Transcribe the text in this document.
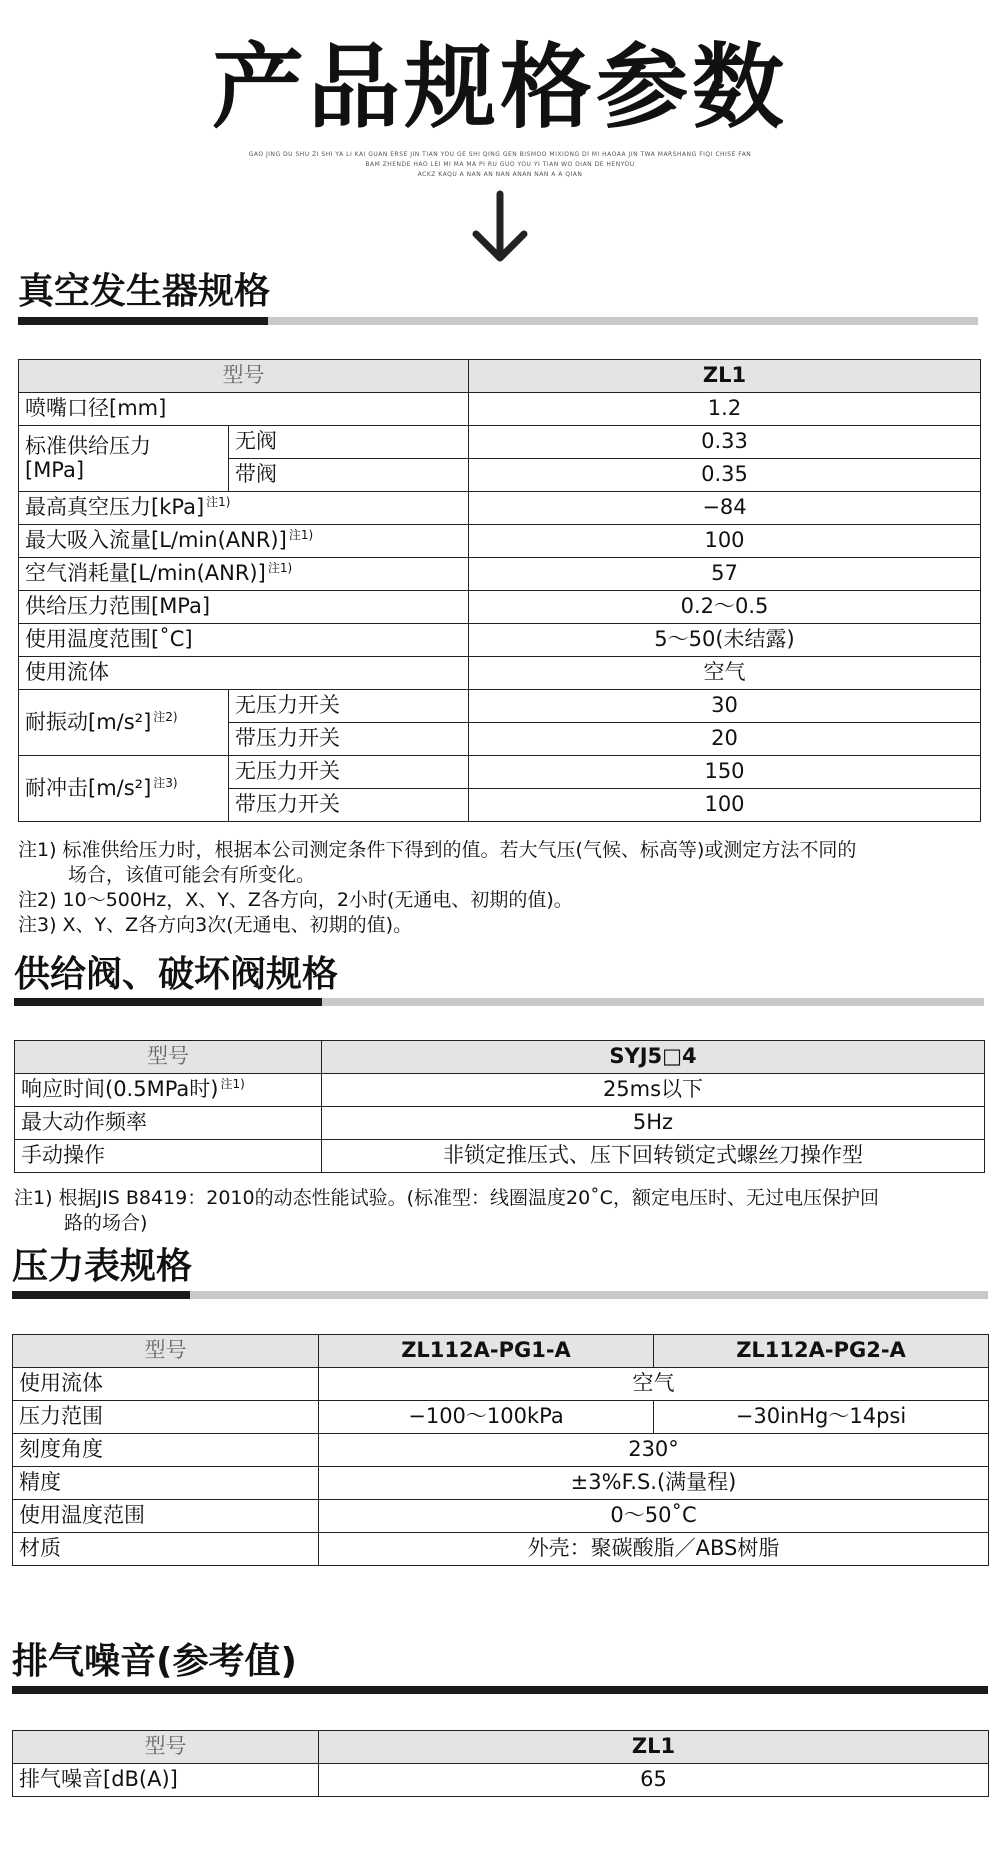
产品规格参数
GAO JING DU SHU ZI SHI YA LI KAI GUAN ERSE JIN TIAN YOU GE SHI QING GEN BISMOO MIXIONG DI MI HAOAA JIN TWA MARSHANG FIQI CHISE FAN
BAM ZHENDE HAO LEI MI MA MA PI RU GUO YOU YI TIAN WO DIAN DE HENYOU
ACKZ KAQU A NAN AN NAN ANAN NAN A A QIAN
真空发生器规格
型号		ZL1
喷嘴口径[mm]		1.2

标准供给压力
[MPa]	无阀	0.33
	带阀	0.35
最高真空压力[kPa] $^{注1)}$		−84
最大吸入流量[L/min(ANR)] $^{注1)}$		100
空气消耗量[L/min(ANR)] $^{注1)}$		57
供给压力范围[MPa]		0.2～0.5
使用温度范围[˚C]		5～50(未结露)
使用流体		空气
耐振动[m/s²] $^{注2)}$	无压力开关	30
	带压力开关	20
耐冲击[m/s²] $^{注3)}$	无压力开关	150
	带压力开关	100
注1) 标准供给压力时，根据本公司测定条件下得到的值。若大气压(气候、标高等)或测定方法不同的
场合，该值可能会有所变化。
注2) 10～500Hz，X、Y、Z各方向，2小时(无通电、初期的值)。
注3) X、Y、Z各方向3次(无通电、初期的值)。
供给阀、破坏阀规格
型号	SYJ5□4
响应时间(0.5MPa时) $^{注1)}$	25ms以下
最大动作频率	5Hz
手动操作	非锁定推压式、压下回转锁定式螺丝刀操作型
注1) 根据JIS B8419：2010的动态性能试验。(标准型：线圈温度20˚C，额定电压时、无过电压保护回
路的场合)
压力表规格
型号	ZL112A-PG1-A	ZL112A-PG2-A
使用流体	空气	
压力范围	−100～100kPa	−30inHg～14psi
刻度角度	230°	
精度	±3%F.S.(满量程)	
使用温度范围	0～50˚C	
材质	外壳：聚碳酸脂／ABS树脂	
排气噪音(参考值)
型号	ZL1
排气噪音[dB(A)]	65
